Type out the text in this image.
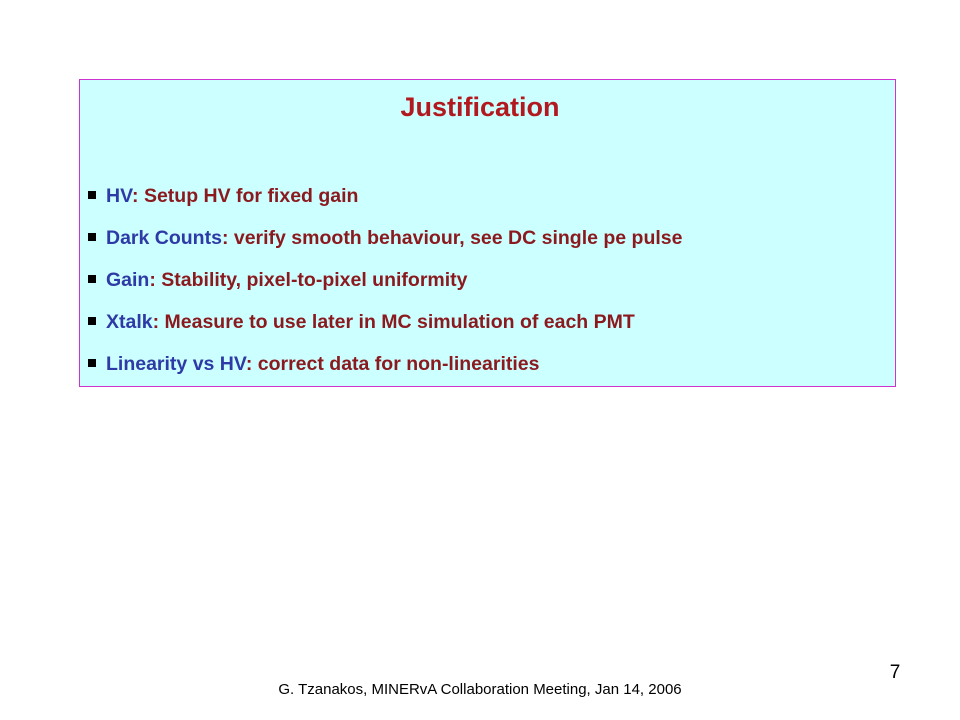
Justification
HV: Setup HV for fixed gain
Dark Counts: verify smooth behaviour, see DC single pe pulse
Gain: Stability, pixel-to-pixel uniformity
Xtalk: Measure to use later in MC simulation of each PMT
Linearity vs HV: correct data for non-linearities
G. Tzanakos, MINERvA Collaboration Meeting, Jan 14, 2006
7
